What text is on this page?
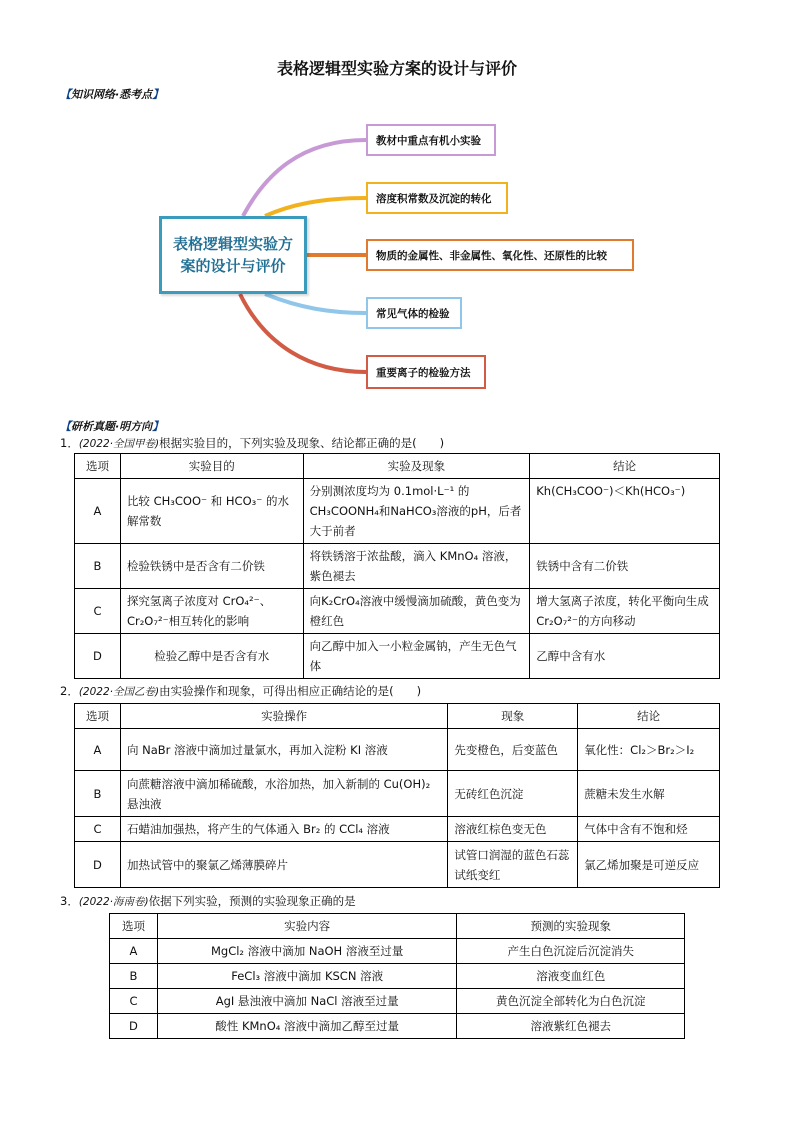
表格逻辑型实验方案的设计与评价
【知识网络·悉考点】
表格逻辑型实验方
案的设计与评价
教材中重点有机小实验
溶度积常数及沉淀的转化
物质的金属性、非金属性、氧化性、还原性的比较
常见气体的检验
重要离子的检验方法
【研析真题·明方向】
1．(2022·全国甲卷)根据实验目的，下列实验及现象、结论都正确的是(　　)
选项	实验目的	实验及现象	结论
A	比较 CH₃COO⁻ 和 HCO₃⁻ 的水解常数	分别测浓度均为 0.1mol·L⁻¹ 的 CH₃COONH₄和NaHCO₃溶液的pH，后者大于前者	Kh(CH₃COO⁻)＜Kh(HCO₃⁻)
B	检验铁锈中是否含有二价铁	将铁锈溶于浓盐酸，滴入 KMnO₄ 溶液，紫色褪去	铁锈中含有二价铁
C	探究氢离子浓度对 CrO₄²⁻、Cr₂O₇²⁻相互转化的影响	向K₂CrO₄溶液中缓慢滴加硫酸，黄色变为橙红色	增大氢离子浓度，转化平衡向生成 Cr₂O₇²⁻的方向移动
D	检验乙醇中是否含有水	向乙醇中加入一小粒金属钠，产生无色气体	乙醇中含有水
2．(2022·全国乙卷)由实验操作和现象，可得出相应正确结论的是(　　)
选项	实验操作	现象	结论
A	向 NaBr 溶液中滴加过量氯水，再加入淀粉 KI 溶液	先变橙色，后变蓝色	氧化性：Cl₂＞Br₂＞I₂
B	向蔗糖溶液中滴加稀硫酸，水浴加热，加入新制的 Cu(OH)₂悬浊液	无砖红色沉淀	蔗糖未发生水解
C	石蜡油加强热，将产生的气体通入 Br₂ 的 CCl₄ 溶液	溶液红棕色变无色	气体中含有不饱和烃
D	加热试管中的聚氯乙烯薄膜碎片	试管口润湿的蓝色石蕊试纸变红	氯乙烯加聚是可逆反应
3．(2022·海南卷)依据下列实验，预测的实验现象正确的是
选项	实验内容	预测的实验现象
A	MgCl₂ 溶液中滴加 NaOH 溶液至过量	产生白色沉淀后沉淀消失
B	FeCl₃ 溶液中滴加 KSCN 溶液	溶液变血红色
C	AgI 悬浊液中滴加 NaCl 溶液至过量	黄色沉淀全部转化为白色沉淀
D	酸性 KMnO₄ 溶液中滴加乙醇至过量	溶液紫红色褪去
